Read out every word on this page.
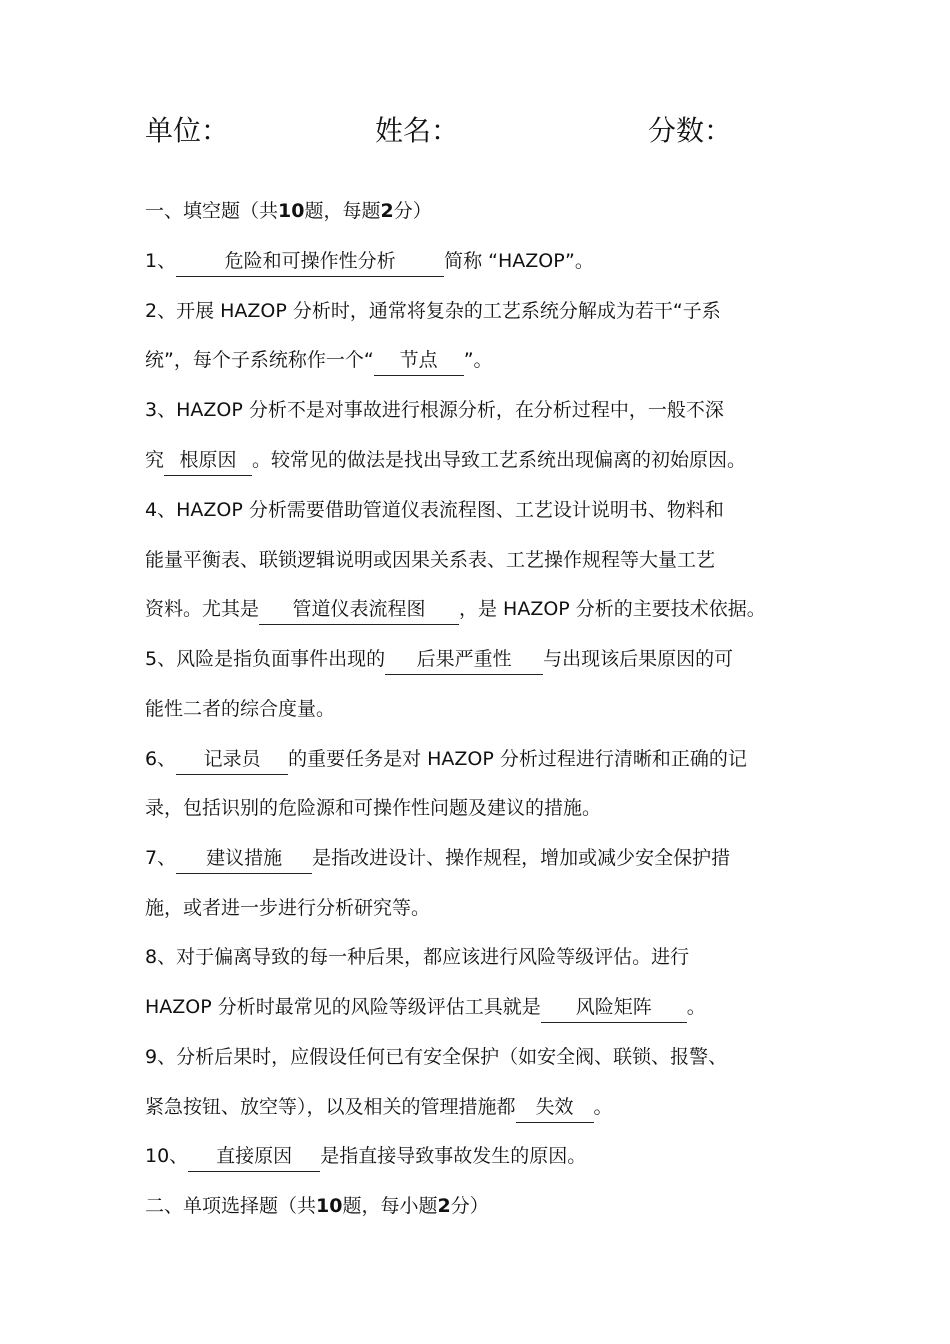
单位：	姓名：	分数：
一、填空题（共10题，每题2分）
1、	危险和可操作性分析	简称 “HAZOP”。
2、开展 HAZOP 分析时，通常将复杂的工艺系统分解成为若干“子系
统”，每个子系统称作一个“ 节点 ”。
3、HAZOP 分析不是对事故进行根源分析，在分析过程中，一般不深
究 根原因 。较常见的做法是找出导致工艺系统出现偏离的初始原因。
4、HAZOP 分析需要借助管道仪表流程图、工艺设计说明书、物料和
能量平衡表、联锁逻辑说明或因果关系表、工艺操作规程等大量工艺
资料。尤其是 管道仪表流程图 ，是 HAZOP 分析的主要技术依据。
5、风险是指负面事件出现的 后果严重性 与出现该后果原因的可
能性二者的综合度量。
6、 记录员 的重要任务是对 HAZOP 分析过程进行清晰和正确的记
录，包括识别的危险源和可操作性问题及建议的措施。
7、 建议措施 是指改进设计、操作规程，增加或减少安全保护措
施，或者进一步进行分析研究等。
8、对于偏离导致的每一种后果，都应该进行风险等级评估。进行
HAZOP 分析时最常见的风险等级评估工具就是 风险矩阵 。
9、分析后果时，应假设任何已有安全保护（如安全阀、联锁、报警、
紧急按钮、放空等），以及相关的管理措施都 失效 。
10、 直接原因 是指直接导致事故发生的原因。
二、单项选择题（共10题，每小题2分）
